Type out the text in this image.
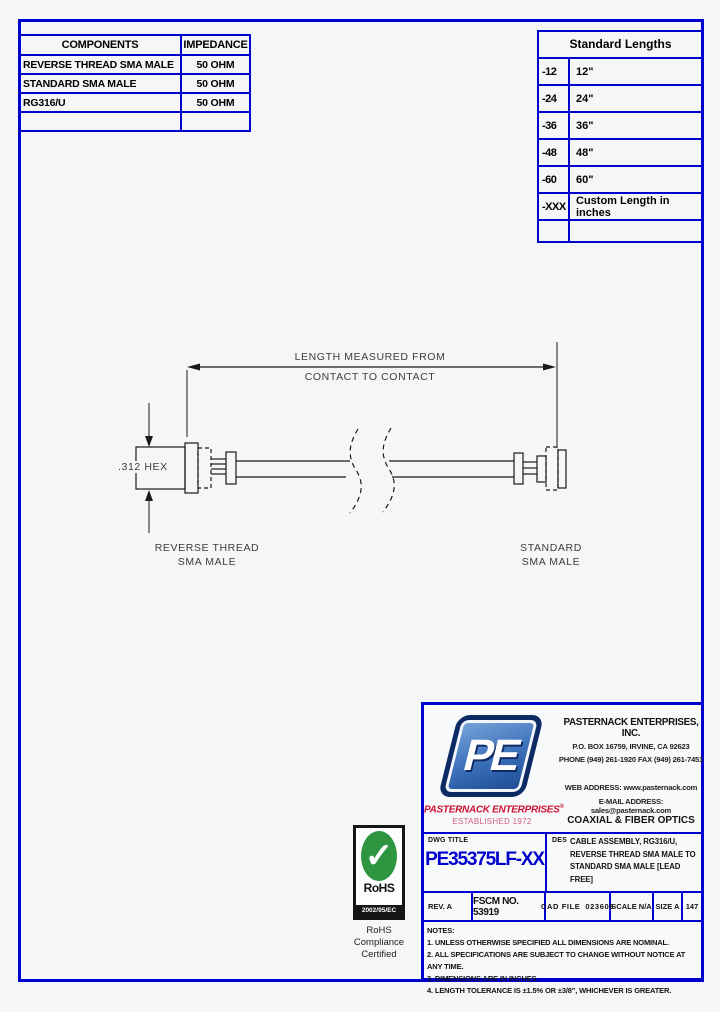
COMPONENTS	IMPEDANCE
REVERSE THREAD SMA MALE	50 OHM
STANDARD SMA MALE	50 OHM
RG316/U	50 OHM
Standard Lengths
-12	12"
-24	24"
-36	36"
-48	48"
-60	60"
-XXX Custom Length in inches
LENGTH MEASURED FROM
CONTACT TO CONTACT
.312 HEX
REVERSE THREAD
SMA MALE
STANDARD
SMA MALE
✓
RoHS
2002/95/EC
RoHS
Compliance
Certified
PE
PASTERNACK ENTERPRISES®
ESTABLISHED 1972
PASTERNACK ENTERPRISES, INC.
P.O. BOX 16759, IRVINE, CA 92623
PHONE (949) 261-1920 FAX (949) 261-7451
WEB ADDRESS: www.pasternack.com
E-MAIL ADDRESS: sales@pasternack.com
COAXIAL & FIBER OPTICS
DWG TITLE
PE35375LF-XX
DES CABLE ASSEMBLY, RG316/U, REVERSE THREAD SMA MALE TO STANDARD SMA MALE [LEAD FREE]
REV. A	FSCM NO. 53919	CAD FILE 023606
SCALE N/A SIZE A 147
NOTES:
1. UNLESS OTHERWISE SPECIFIED ALL DIMENSIONS ARE NOMINAL.
2. ALL SPECIFICATIONS ARE SUBJECT TO CHANGE WITHOUT NOTICE AT ANY TIME.
3. DIMENSIONS ARE IN INCHES.
4. LENGTH TOLERANCE IS ±1.5% OR ±3/8", WHICHEVER IS GREATER.
